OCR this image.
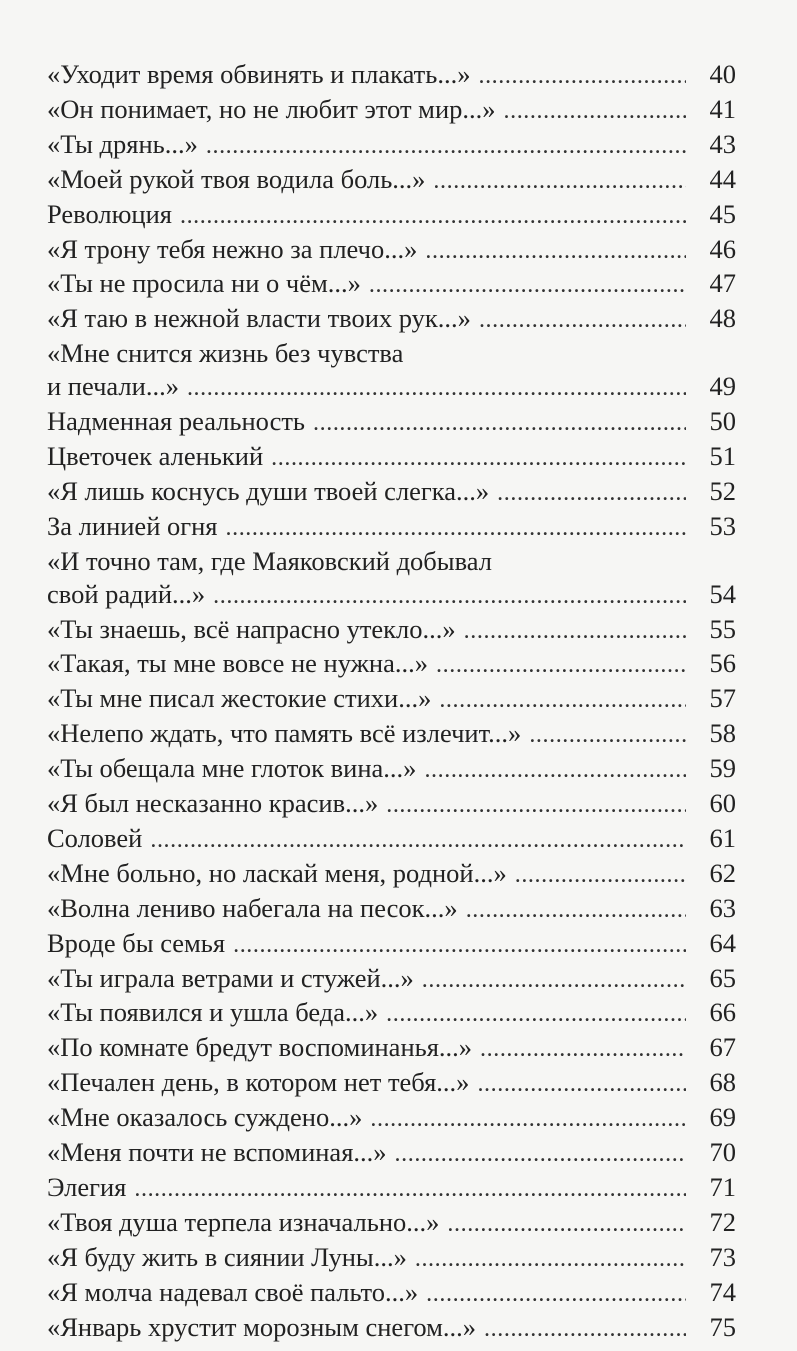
«Уходит время обвинять и плакать...» .....	40
«Он понимает, но не любит этот мир...» .....	41
«Ты дрянь...» .....	43
«Моей рукой твоя водила боль...» .....	44
Революция .....	45
«Я трону тебя нежно за плечо...» .....	46
«Ты не просила ни о чём...» .....	47
«Я таю в нежной власти твоих рук...» .....	48
«Мне снится жизнь без чувства
и печали...» .....	49
Надменная реальность .....	50
Цветочек аленький .....	51
«Я лишь коснусь души твоей слегка...» .....	52
За линией огня .....	53
«И точно там, где Маяковский добывал
свой радий...» .....	54
«Ты знаешь, всё напрасно утекло...» .....	55
«Такая, ты мне вовсе не нужна...» .....	56
«Ты мне писал жестокие стихи...» .....	57
«Нелепо ждать, что память всё излечит...» .....	58
«Ты обещала мне глоток вина...» .....	59
«Я был несказанно красив...» .....	60
Соловей .....	61
«Мне больно, но ласкай меня, родной...» .....	62
«Волна лениво набегала на песок...» .....	63
Вроде бы семья .....	64
«Ты играла ветрами и стужей...» .....	65
«Ты появился и ушла беда...» .....	66
«По комнате бредут воспоминанья...» .....	67
«Печален день, в котором нет тебя...» .....	68
«Мне оказалось суждено...» .....	69
«Меня почти не вспоминая...» .....	70
Элегия .....	71
«Твоя душа терпела изначально...» .....	72
«Я буду жить в сиянии Луны...» .....	73
«Я молча надевал своё пальто...» .....	74
«Январь хрустит морозным снегом...» .....	75
